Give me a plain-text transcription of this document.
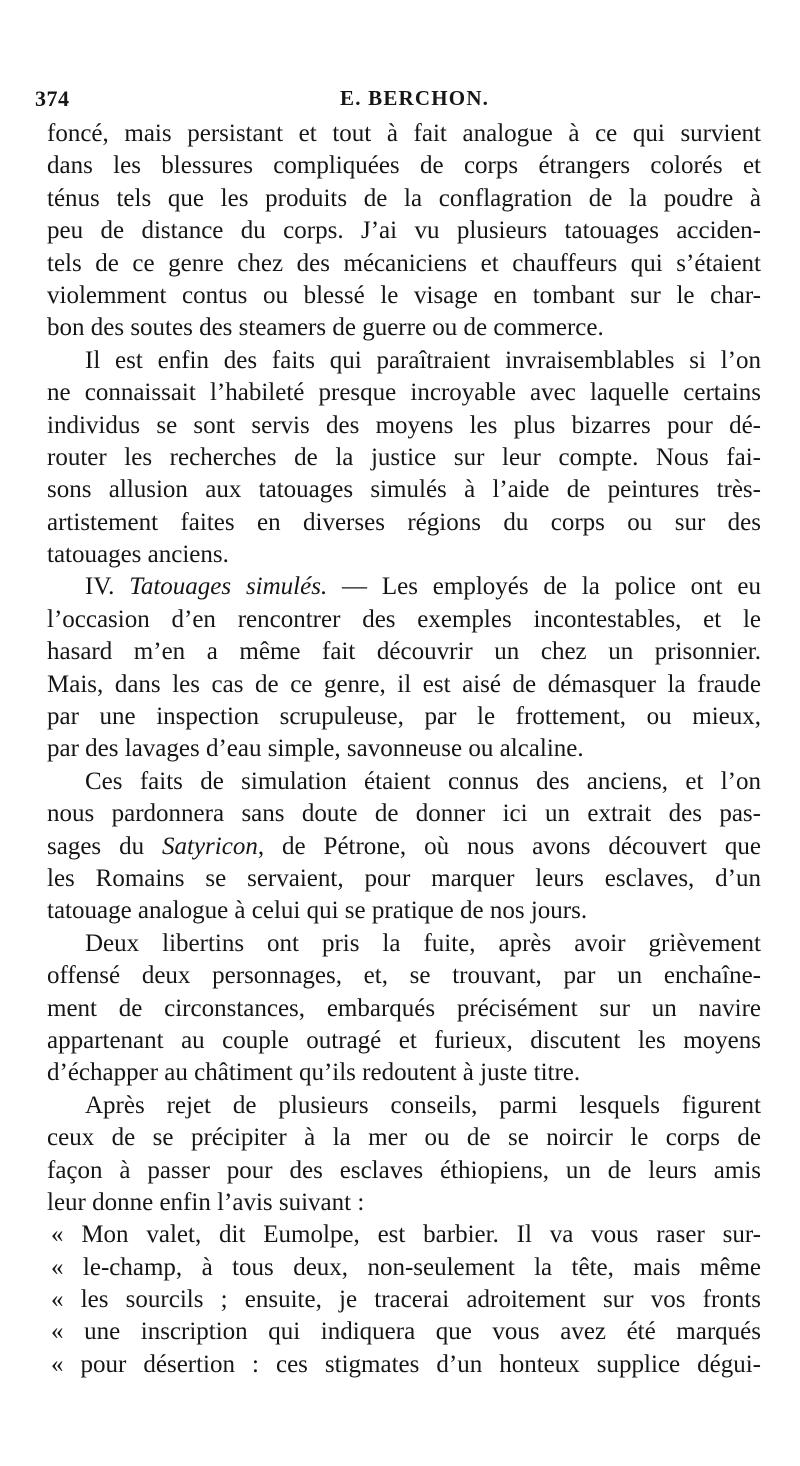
374	E. BERCHON.
foncé, mais persistant et tout à fait analogue à ce qui survient
dans les blessures compliquées de corps étrangers colorés et
ténus tels que les produits de la conflagration de la poudre à
peu de distance du corps. J’ai vu plusieurs tatouages acciden-
tels de ce genre chez des mécaniciens et chauffeurs qui s’étaient
violemment contus ou blessé le visage en tombant sur le char-
bon des soutes des steamers de guerre ou de commerce.
Il est enfin des faits qui paraîtraient invraisemblables si l’on
ne connaissait l’habileté presque incroyable avec laquelle certains
individus se sont servis des moyens les plus bizarres pour dé-
router les recherches de la justice sur leur compte. Nous fai-
sons allusion aux tatouages simulés à l’aide de peintures très-
artistement faites en diverses régions du corps ou sur des
tatouages anciens.
IV. Tatouages simulés. — Les employés de la police ont eu
l’occasion d’en rencontrer des exemples incontestables, et le
hasard m’en a même fait découvrir un chez un prisonnier.
Mais, dans les cas de ce genre, il est aisé de démasquer la fraude
par une inspection scrupuleuse, par le frottement, ou mieux,
par des lavages d’eau simple, savonneuse ou alcaline.
Ces faits de simulation étaient connus des anciens, et l’on
nous pardonnera sans doute de donner ici un extrait des pas-
sages du Satyricon, de Pétrone, où nous avons découvert que
les Romains se servaient, pour marquer leurs esclaves, d’un
tatouage analogue à celui qui se pratique de nos jours.
Deux libertins ont pris la fuite, après avoir grièvement
offensé deux personnages, et, se trouvant, par un enchaîne-
ment de circonstances, embarqués précisément sur un navire
appartenant au couple outragé et furieux, discutent les moyens
d’échapper au châtiment qu’ils redoutent à juste titre.
Après rejet de plusieurs conseils, parmi lesquels figurent
ceux de se précipiter à la mer ou de se noircir le corps de
façon à passer pour des esclaves éthiopiens, un de leurs amis
leur donne enfin l’avis suivant :
« Mon valet, dit Eumolpe, est barbier. Il va vous raser sur-
« le-champ, à tous deux, non-seulement la tête, mais même
« les sourcils ; ensuite, je tracerai adroitement sur vos fronts
« une inscription qui indiquera que vous avez été marqués
« pour désertion : ces stigmates d’un honteux supplice dégui-
